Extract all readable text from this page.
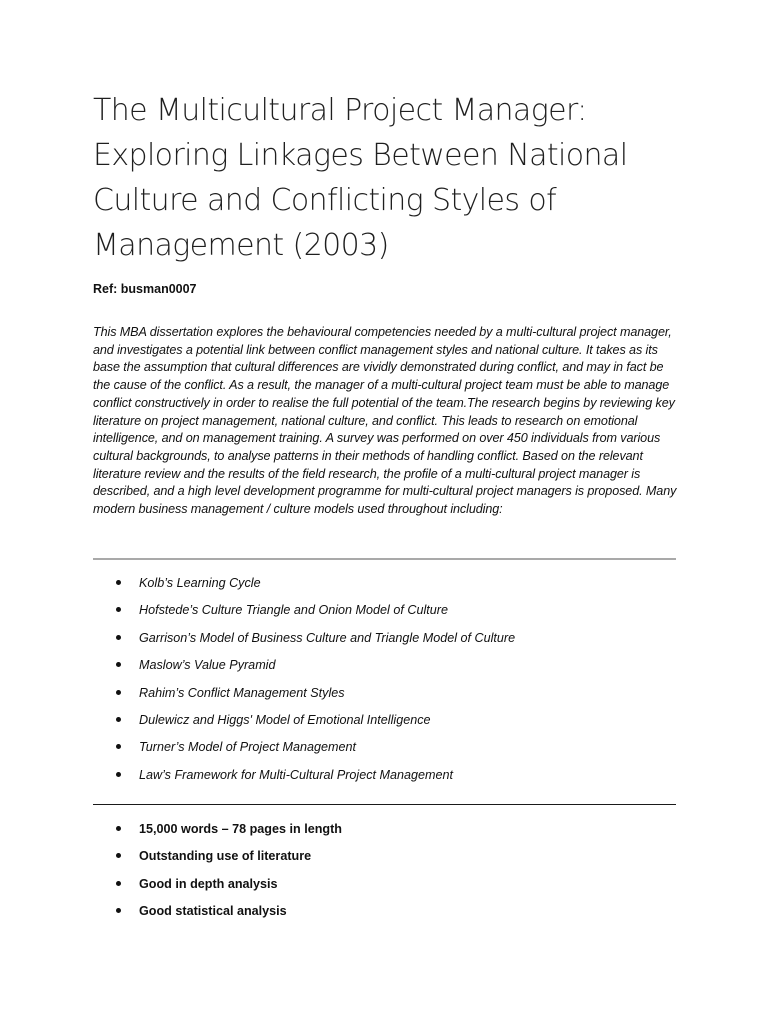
The Multicultural Project Manager: Exploring Linkages Between National Culture and Conflicting Styles of Management (2003)
Ref: busman0007

This MBA dissertation explores the behavioural competencies needed by a multi-cultural project manager, and investigates a potential link between conflict management styles and national culture. It takes as its base the assumption that cultural differences are vividly demonstrated during conflict, and may in fact be the cause of the conflict. As a result, the manager of a multi-cultural project team must be able to manage conflict constructively in order to realise the full potential of the team.The research begins by reviewing key literature on project management, national culture, and conflict. This leads to research on emotional intelligence, and on management training. A survey was performed on over 450 individuals from various cultural backgrounds, to analyse patterns in their methods of handling conflict. Based on the relevant literature review and the results of the field research, the profile of a multi-cultural project manager is described, and a high level development programme for multi-cultural project managers is proposed. Many modern business management / culture models used throughout including:

Kolb’s Learning Cycle
Hofstede’s Culture Triangle and Onion Model of Culture
Garrison’s Model of Business Culture and Triangle Model of Culture
Maslow’s Value Pyramid
Rahim’s Conflict Management Styles
Dulewicz and Higgs' Model of Emotional Intelligence
Turner’s Model of Project Management
Law’s Framework for Multi-Cultural Project Management
15,000 words – 78 pages in length
Outstanding use of literature
Good in depth analysis
Good statistical analysis
